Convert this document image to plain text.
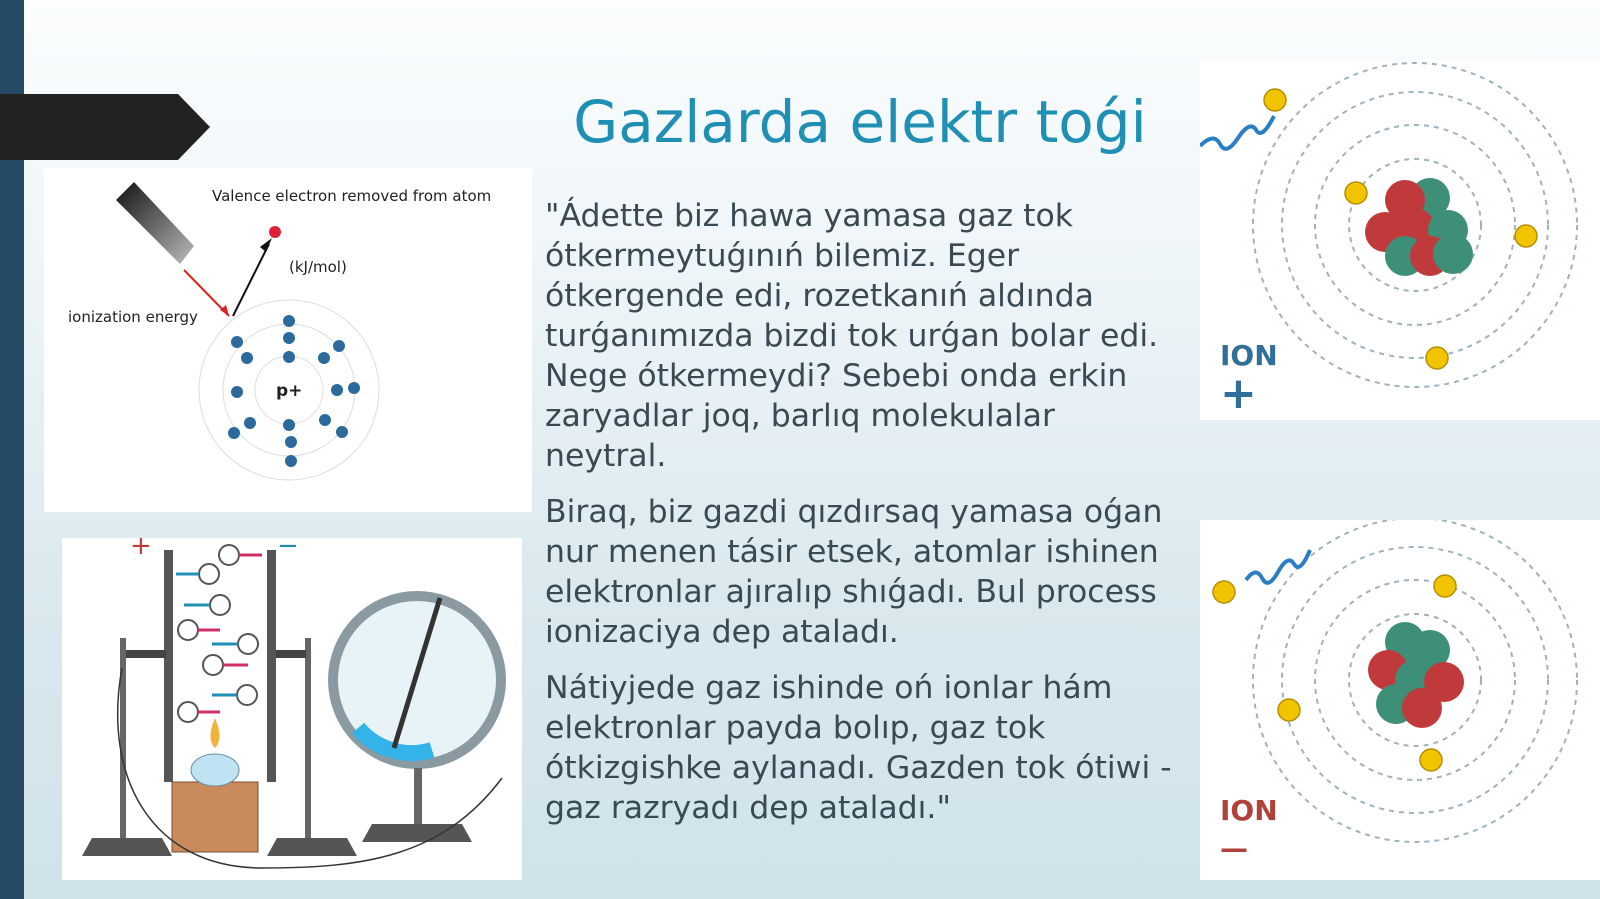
Gazlarda elektr toǵi
Valence electron removed from atom
(kJ/mol)
ionization energy
p+
+	−

"Ádette biz hawa yamasa gaz tok ótkermeytuǵınıń bilemiz. Eger ótkergende edi, rozetkanıń aldında turǵanımızda bizdi tok urǵan bolar edi. Nege ótkermeydi? Sebebi onda erkin zaryadlar joq, barlıq molekulalar neytral.

Biraq, biz gazdi qızdırsaq yamasa oǵan nur menen tásir etsek, atomlar ishinen elektronlar ajıralıp shıǵadı. Bul process ionizaciya dep ataladı.

Nátiyjede gaz ishinde oń ionlar hám elektronlar payda bolıp, gaz tok ótkizgishke aylanadı. Gazden tok ótiwi - gaz razryadı dep ataladı."

ION
+
ION
—
